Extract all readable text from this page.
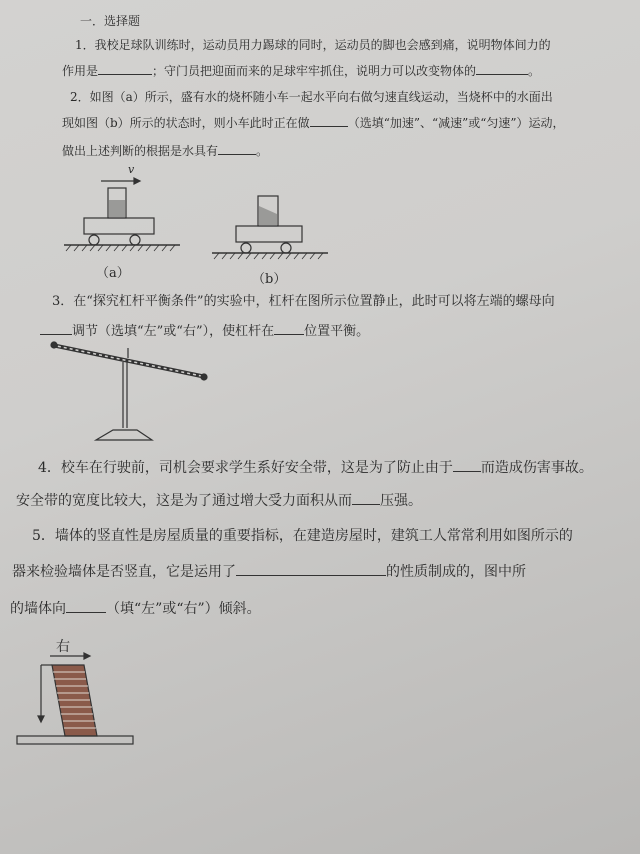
一．选择题
1．我校足球队训练时，运动员用力踢球的同时，运动员的脚也会感到痛，说明物体间力的
作用是	；守门员把迎面而来的足球牢牢抓住，说明力可以改变物体的	。
2．如图（a）所示，盛有水的烧杯随小车一起水平向右做匀速直线运动，当烧杯中的水面出
现如图（b）所示的状态时，则小车此时正在做	（选填“加速”、“减速”或“匀速”）运动，
做出上述判断的根据是水具有	。
v
（a）	（b）
3．在“探究杠杆平衡条件”的实验中，杠杆在图所示位置静止，此时可以将左端的螺母向
调节（选填“左”或“右”），使杠杆在 位置平衡。
4．校车在行驶前，司机会要求学生系好安全带，这是为了防止由于 而造成伤害事故。
安全带的宽度比较大，这是为了通过增大受力面积从而 压强。
5．墙体的竖直性是房屋质量的重要指标，在建造房屋时，建筑工人常常利用如图所示的
器来检验墙体是否竖直，它是运用了	的性质制成的，图中所
的墙体向	（填“左”或“右”）倾斜。
右
